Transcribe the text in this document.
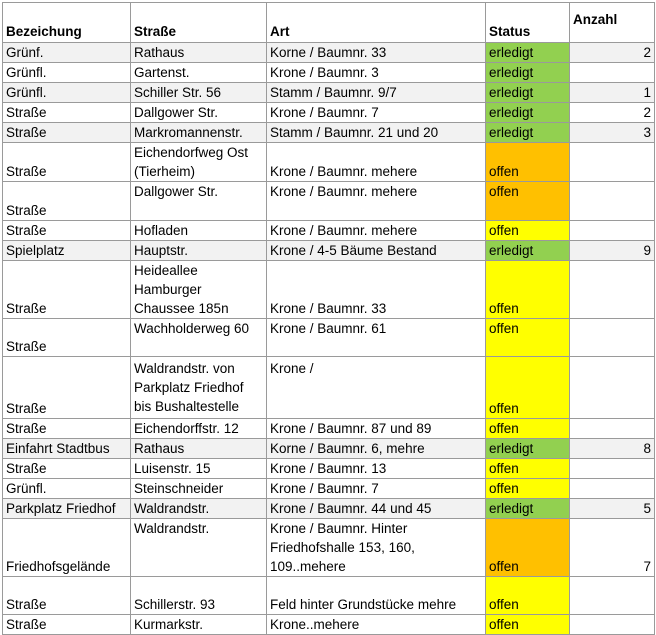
Bezeichung	Straße	Art	Status	Anzahl
Grünf.	Rathaus	Korne / Baumnr. 33	erledigt	2
Grünfl.	Gartenst.	Krone / Baumnr. 3	erledigt	
Grünfl.	Schiller Str. 56	Stamm / Baumnr. 9/7	erledigt	1
Straße	Dallgower Str.	Krone / Baumnr. 7	erledigt	2
Straße	Markromannenstr.	Stamm / Baumnr. 21 und 20	erledigt	3
Straße	Eichendorfweg Ost (Tierheim)	Krone / Baumnr. mehere	offen	
Straße	Dallgower Str.	Krone / Baumnr. mehere	offen	
Straße	Hofladen	Krone / Baumnr. mehere	offen	
Spielplatz	Hauptstr.	Krone / 4-5 Bäume Bestand	erledigt	9
Straße	Heideallee Hamburger Chaussee 185n	Krone / Baumnr. 33	offen	
Straße	Wachholderweg 60	Krone / Baumnr. 61	offen	
Straße	Waldrandstr. von Parkplatz Friedhof bis Bushaltestelle	Krone /	offen	
Straße	Eichendorffstr. 12	Krone / Baumnr. 87 und 89	offen	
Einfahrt Stadtbus	Rathaus	Korne / Baumnr. 6, mehre	erledigt	8
Straße	Luisenstr. 15	Krone / Baumnr. 13	offen	
Grünfl.	Steinschneider	Krone / Baumnr. 7	offen	
Parkplatz Friedhof	Waldrandstr.	Krone / Baumnr. 44 und 45	erledigt	5
Friedhofsgelände	Waldrandstr.	Krone / Baumnr. Hinter Friedhofshalle 153, 160, 109..mehere	offen	7
Straße	Schillerstr. 93	Feld hinter Grundstücke mehre	offen	
Straße	Kurmarkstr.	Krone..mehere	offen	
